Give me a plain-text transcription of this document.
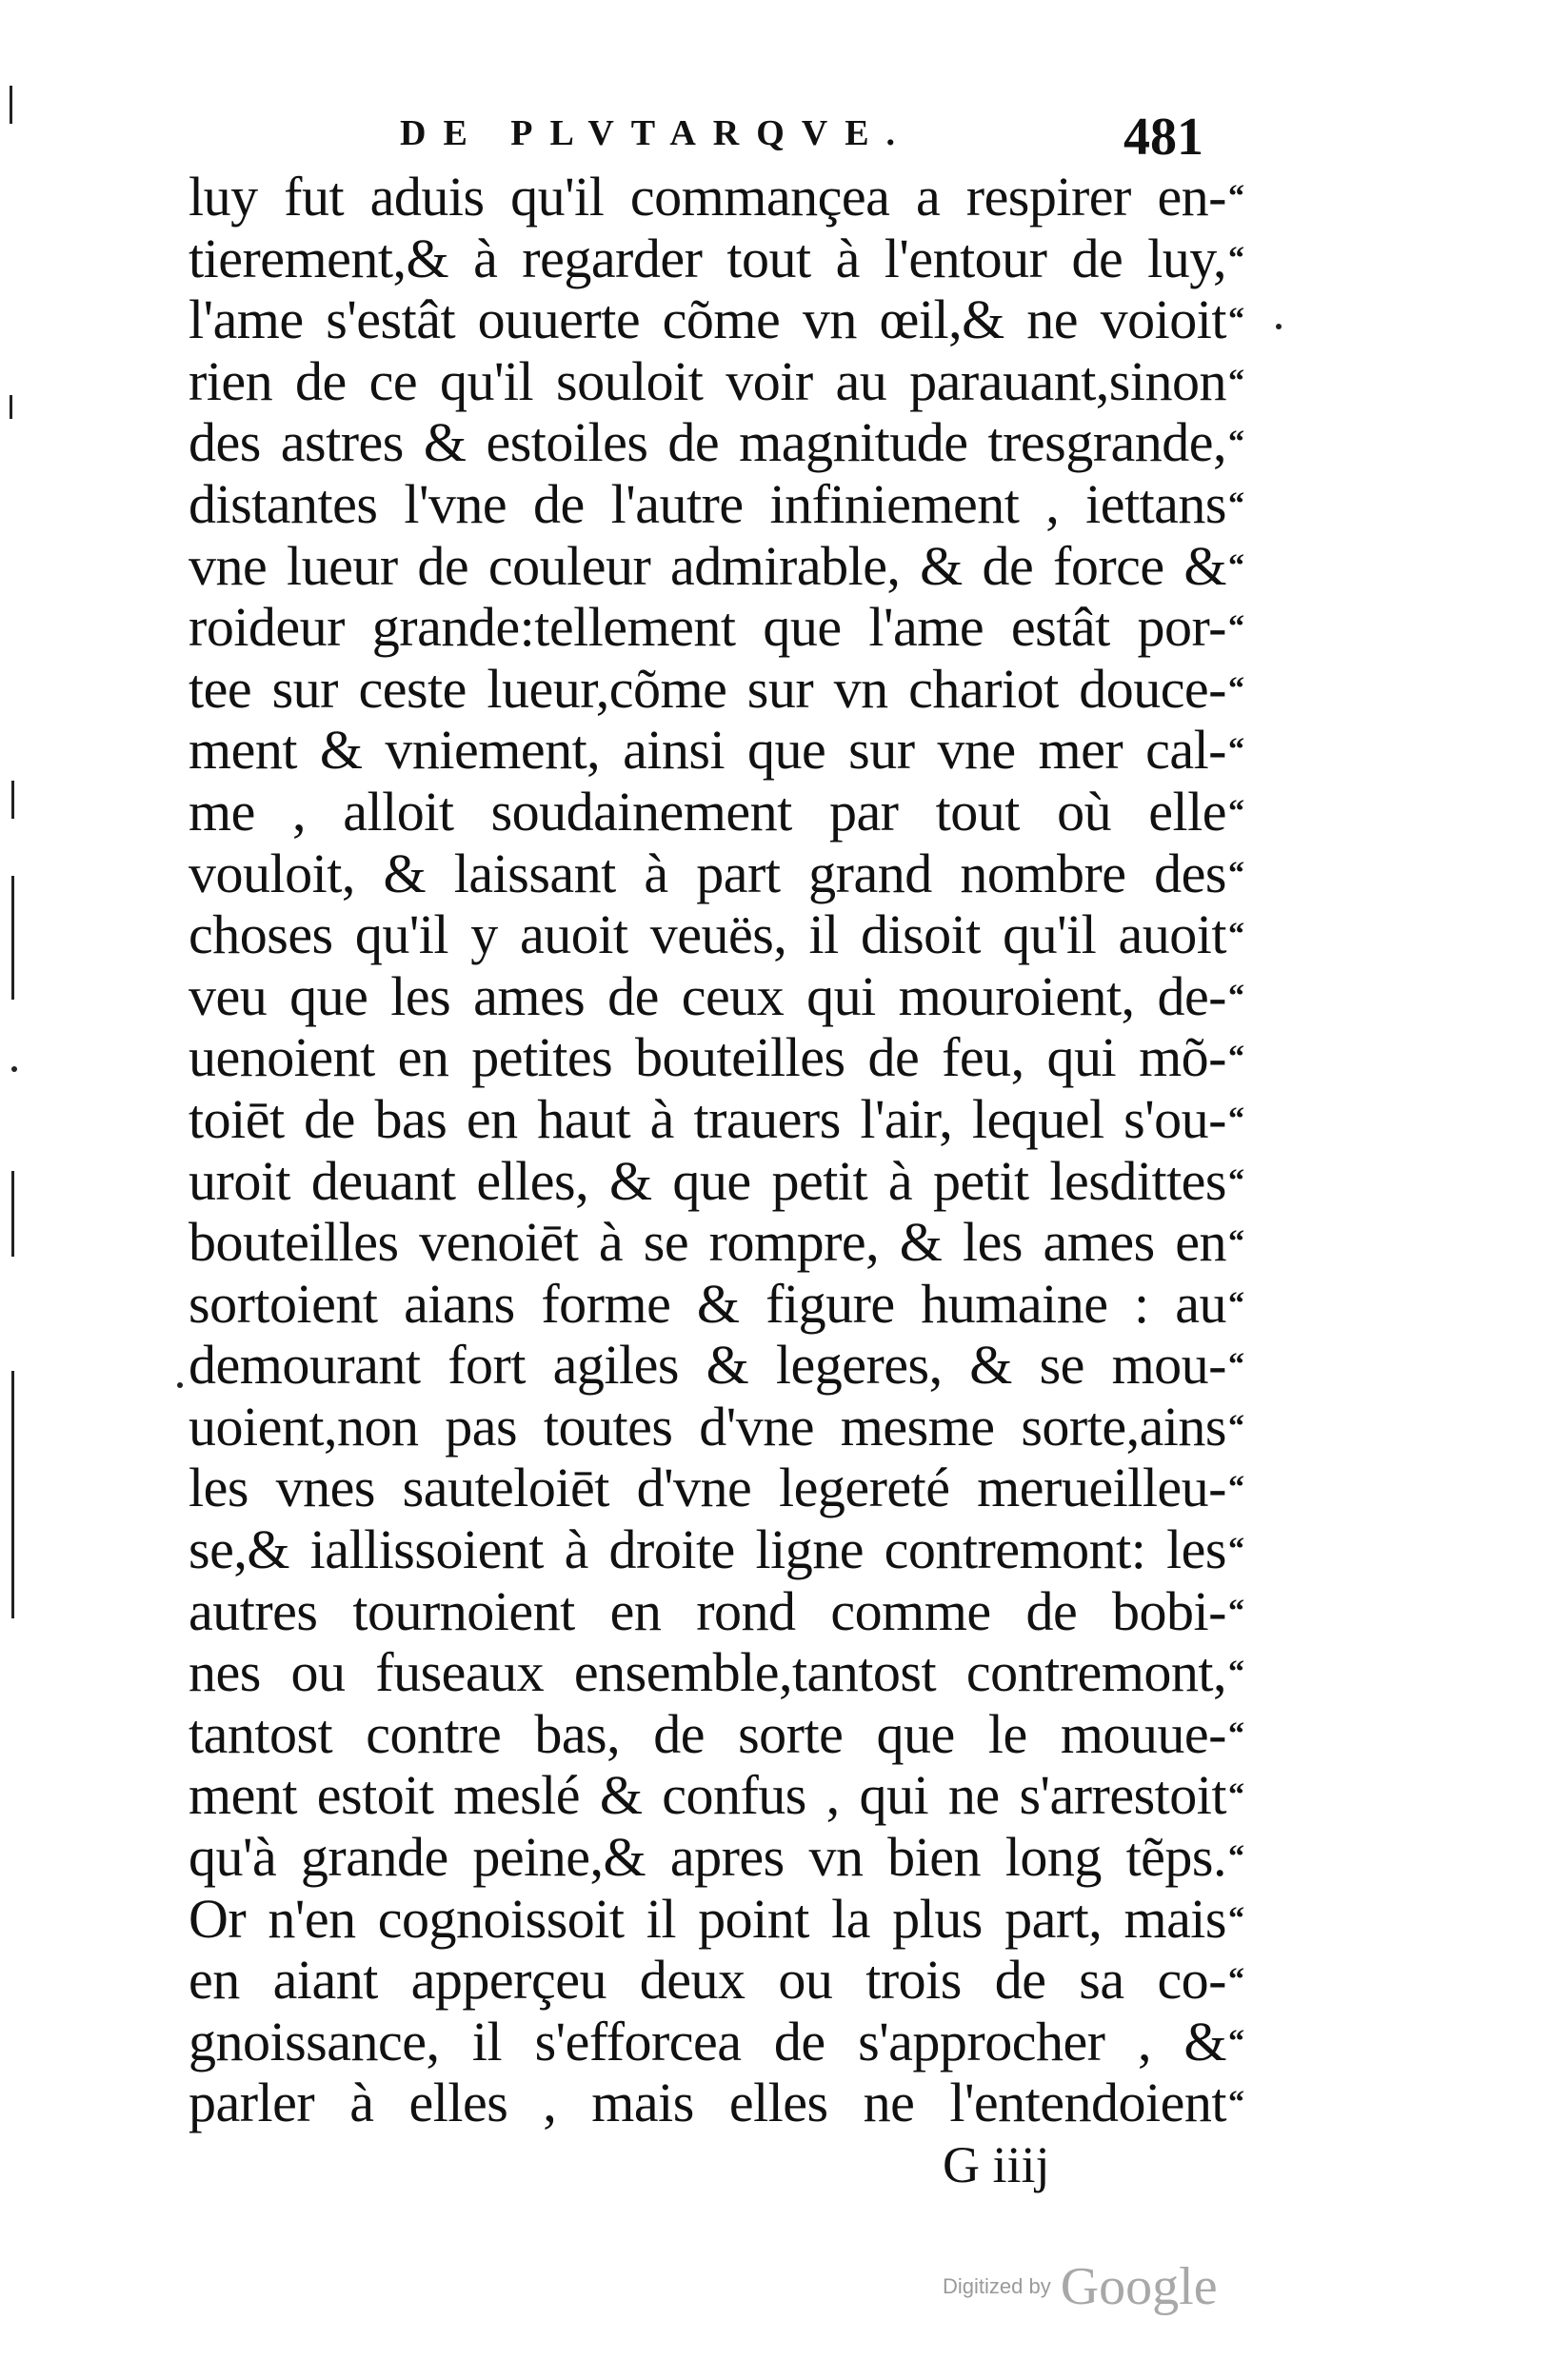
DE PLVTARQVE.	481
luy fut aduis qu'il commançea a respirer en-
tierement,& à regarder tout à l'entour de luy,
l'ame s'estât ouuerte cõme vn œil,& ne voioit
rien de ce qu'il souloit voir au parauant,sinon
des astres & estoiles de magnitude tresgrande,
distantes l'vne de l'autre infiniement , iettans
vne lueur de couleur admirable, & de force &
roideur grande:tellement que l'ame estât por-
tee sur ceste lueur,cõme sur vn chariot douce-
ment & vniement, ainsi que sur vne mer cal-
me , alloit soudainement par tout où elle
vouloit, & laissant à part grand nombre des
choses qu'il y auoit veuës, il disoit qu'il auoit
veu que les ames de ceux qui mouroient, de-
uenoient en petites bouteilles de feu, qui mõ-
toiēt de bas en haut à trauers l'air, lequel s'ou-
uroit deuant elles, & que petit à petit lesdittes
bouteilles venoiēt à se rompre, & les ames en
sortoient aians forme & figure humaine : au
demourant fort agiles & legeres, & se mou-
uoient,non pas toutes d'vne mesme sorte,ains
les vnes sauteloiēt d'vne legereté merueilleu-
se,& iallissoient à droite ligne contremont: les
autres tournoient en rond comme de bobi-
nes ou fuseaux ensemble,tantost contremont,
tantost contre bas, de sorte que le mouue-
ment estoit meslé & confus , qui ne s'arrestoit
qu'à grande peine,& apres vn bien long tẽps.
Or n'en cognoissoit il point la plus part, mais
en aiant apperçeu deux ou trois de sa co-
gnoissance, il s'efforcea de s'approcher , &
parler à elles , mais elles ne l'entendoient
“
“
“
“
“
“
“
“
“
“
“
“
“
“
“
“
“
“
“
“
“
“
“
“
“
“
“
“
“
“
“
“
G iiij
Digitized by Google
